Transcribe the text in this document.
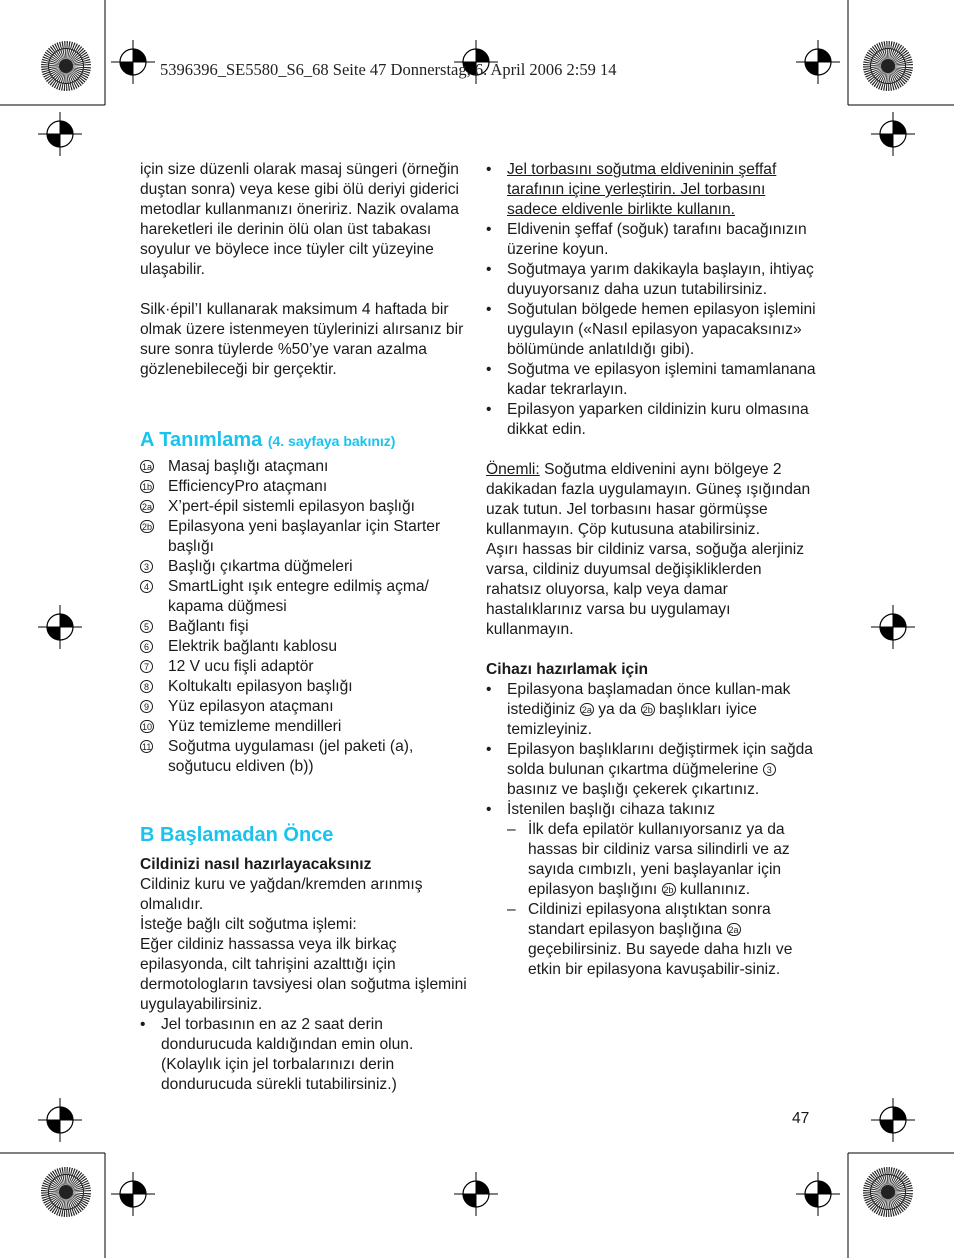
5396396_SE5580_S6_68 Seite 47 Donnerstag, 6. April 2006 2:59 14

için size düzenli olarak masaj süngeri (örneğin duştan sonra) veya kese gibi ölü deriyi giderici metodlar kullanmanızı öneririz. Nazik ovalama hareketleri ile derinin ölü olan üst tabakası soyulur ve böylece ince tüyler cilt yüzeyine ulaşabilir.

Silk·épil’I kullanarak maksimum 4 haftada bir olmak üzere istenmeyen tüylerinizi alırsanız bir sure sonra tüylerde %50’ye varan azalma gözlenebileceği bir gerçektir.

A Tanımlama (4. sayfaya bakınız)
1a	Masaj başlığı ataçmanı
1b	EfficiencyPro ataçmanı
2a	X’pert-épil sistemli epilasyon başlığı
2b	Epilasyona yeni başlayanlar için Starter başlığı
3	Başlığı çıkartma düğmeleri
4	SmartLight ışık entegre edilmiş açma/ kapama düğmesi
5	Bağlantı fişi
6	Elektrik bağlantı kablosu
7	12 V ucu fişli adaptör
8	Koltukaltı epilasyon başlığı
9	Yüz epilasyon ataçmanı
10	Yüz temizleme mendilleri
11	Soğutma uygulaması (jel paketi (a), soğutucu eldiven (b))
B Başlamadan Önce

Cildinizi nasıl hazırlayacaksınız

Cildiniz kuru ve yağdan/kremden arınmış olmalıdır.

İsteğe bağlı cilt soğutma işlemi:

Eğer cildiniz hassassa veya ilk birkaç epilasyonda, cilt tahrişini azalttığı için dermotologların tavsiyesi olan soğutma işlemini uygulayabilirsiniz.

• Jel torbasının en az 2 saat derin dondurucuda kaldığından emin olun. (Kolaylık için jel torbalarınızı derin dondurucuda sürekli tutabilirsiniz.)
• Jel torbasını soğutma eldiveninin şeffaf tarafının içine yerleştirin. Jel torbasını sadece eldivenle birlikte kullanın.
• Eldivenin şeffaf (soğuk) tarafını bacağınızın üzerine koyun.
• Soğutmaya yarım dakikayla başlayın, ihtiyaç duyuyorsanız daha uzun tutabilirsiniz.
• Soğutulan bölgede hemen epilasyon işlemini uygulayın («Nasıl epilasyon yapacaksınız» bölümünde anlatıldığı gibi).
• Soğutma ve epilasyon işlemini tamamlanana kadar tekrarlayın.
• Epilasyon yaparken cildinizin kuru olmasına dikkat edin.

Önemli: Soğutma eldivenini aynı bölgeye 2 dakikadan fazla uygulamayın. Güneş ışığından uzak tutun. Jel torbasını hasar görmüşse kullanmayın. Çöp kutusuna atabilirsiniz.

Aşırı hassas bir cildiniz varsa, soğuğa alerjiniz varsa, cildiniz duyumsal değişikliklerden rahatsız oluyorsa, kalp veya damar hastalıklarınız varsa bu uygulamayı kullanmayın.

Cihazı hazırlamak için

• Epilasyona başlamadan önce kullan-mak istediğiniz 2a ya da 2b başlıkları iyice temizleyiniz.
• Epilasyon başlıklarını değiştirmek için sağda solda bulunan çıkartma düğmelerine 3 basınız ve başlığı çekerek çıkartınız.
• İstenilen başlığı cihaza takınız
– İlk defa epilatör kullanıyorsanız ya da hassas bir cildiniz varsa silindirli ve az sayıda cımbızlı, yeni başlayanlar için epilasyon başlığını 2b kullanınız.
– Cildinizi epilasyona alıştıktan sonra standart epilasyon başlığına 2a geçebilirsiniz. Bu sayede daha hızlı ve etkin bir epilasyona kavuşabilir-siniz.
47
